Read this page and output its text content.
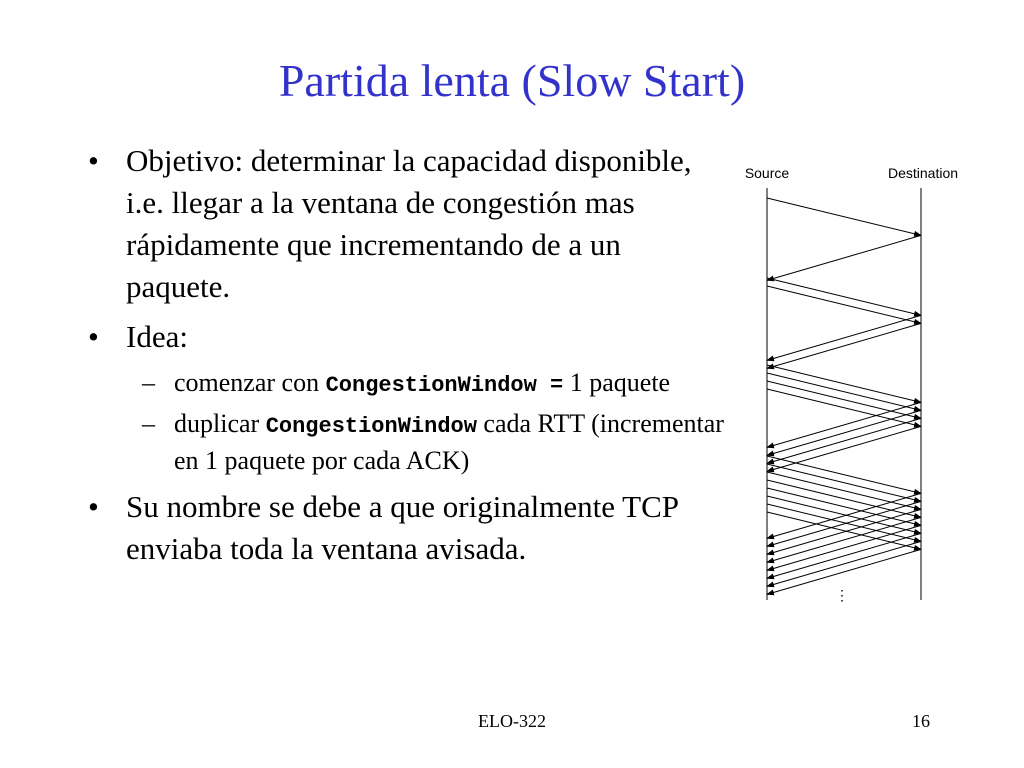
Partida lenta (Slow Start)
• Objetivo: determinar la capacidad disponible, i.e. llegar a la ventana de congestión mas rápidamente que incrementando de a un paquete.
• Idea:
– comenzar con CongestionWindow = 1 paquete
– duplicar CongestionWindow cada RTT (incrementar en 1 paquete por cada ACK)
• Su nombre se debe a que originalmente TCP enviaba toda la ventana avisada.
Source	Destination
⋮
ELO-322	16
